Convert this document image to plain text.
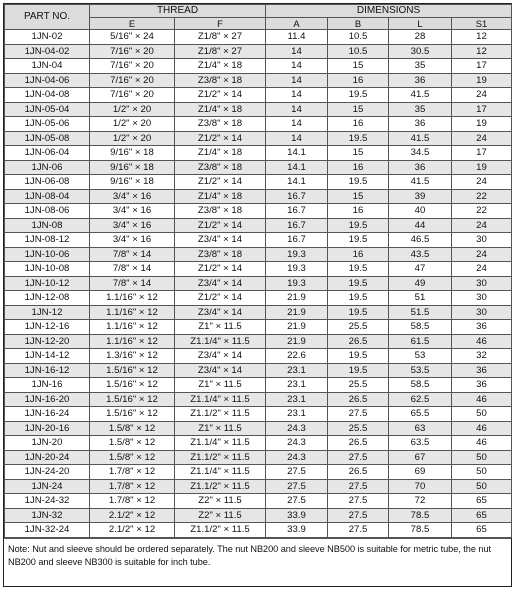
PART NO.	THREAD		DIMENSIONS			
	E	F	A	B	L	S1
1JN-02	5/16" × 24	Z1/8" × 27	11.4	10.5	28	12
1JN-04-02	7/16" × 20	Z1/8" × 27	14	10.5	30.5	12
1JN-04	7/16" × 20	Z1/4" × 18	14	15	35	17
1JN-04-06	7/16" × 20	Z3/8" × 18	14	16	36	19
1JN-04-08	7/16" × 20	Z1/2" × 14	14	19.5	41.5	24
1JN-05-04	1/2" × 20	Z1/4" × 18	14	15	35	17
1JN-05-06	1/2" × 20	Z3/8" × 18	14	16	36	19
1JN-05-08	1/2" × 20	Z1/2" × 14	14	19.5	41.5	24
1JN-06-04	9/16" × 18	Z1/4" × 18	14.1	15	34.5	17
1JN-06	9/16" × 18	Z3/8" × 18	14.1	16	36	19
1JN-06-08	9/16" × 18	Z1/2" × 14	14.1	19.5	41.5	24
1JN-08-04	3/4" × 16	Z1/4" × 18	16.7	15	39	22
1JN-08-06	3/4" × 16	Z3/8" × 18	16.7	16	40	22
1JN-08	3/4" × 16	Z1/2" × 14	16.7	19.5	44	24
1JN-08-12	3/4" × 16	Z3/4" × 14	16.7	19.5	46.5	30
1JN-10-06	7/8" × 14	Z3/8" × 18	19.3	16	43.5	24
1JN-10-08	7/8" × 14	Z1/2" × 14	19.3	19.5	47	24
1JN-10-12	7/8" × 14	Z3/4" × 14	19.3	19.5	49	30
1JN-12-08	1.1/16" × 12	Z1/2" × 14	21.9	19.5	51	30
1JN-12	1.1/16" × 12	Z3/4" × 14	21.9	19.5	51.5	30
1JN-12-16	1.1/16" × 12	Z1" × 11.5	21.9	25.5	58.5	36
1JN-12-20	1.1/16" × 12	Z1.1/4" × 11.5	21.9	26.5	61.5	46
1JN-14-12	1.3/16" × 12	Z3/4" × 14	22.6	19.5	53	32
1JN-16-12	1.5/16" × 12	Z3/4" × 14	23.1	19.5	53.5	36
1JN-16	1.5/16" × 12	Z1" × 11.5	23.1	25.5	58.5	36
1JN-16-20	1.5/16" × 12	Z1.1/4" × 11.5	23.1	26.5	62.5	46
1JN-16-24	1.5/16" × 12	Z1.1/2" × 11.5	23.1	27.5	65.5	50
1JN-20-16	1.5/8" × 12	Z1" × 11.5	24.3	25.5	63	46
1JN-20	1.5/8" × 12	Z1.1/4" × 11.5	24.3	26.5	63.5	46
1JN-20-24	1.5/8" × 12	Z1.1/2" × 11.5	24.3	27.5	67	50
1JN-24-20	1.7/8" × 12	Z1.1/4" × 11.5	27.5	26.5	69	50
1JN-24	1.7/8" × 12	Z1.1/2" × 11.5	27.5	27.5	70	50
1JN-24-32	1.7/8" × 12	Z2" × 11.5	27.5	27.5	72	65
1JN-32	2.1/2" × 12	Z2" × 11.5	33.9	27.5	78.5	65
1JN-32-24	2.1/2" × 12	Z1.1/2" × 11.5	33.9	27.5	78.5	65
Note: Nut and sleeve should be ordered separately. The nut NB200 and sleeve NB500 is suitable for metric tube, the nut NB200 and sleeve NB300 is suitable for inch tube.
